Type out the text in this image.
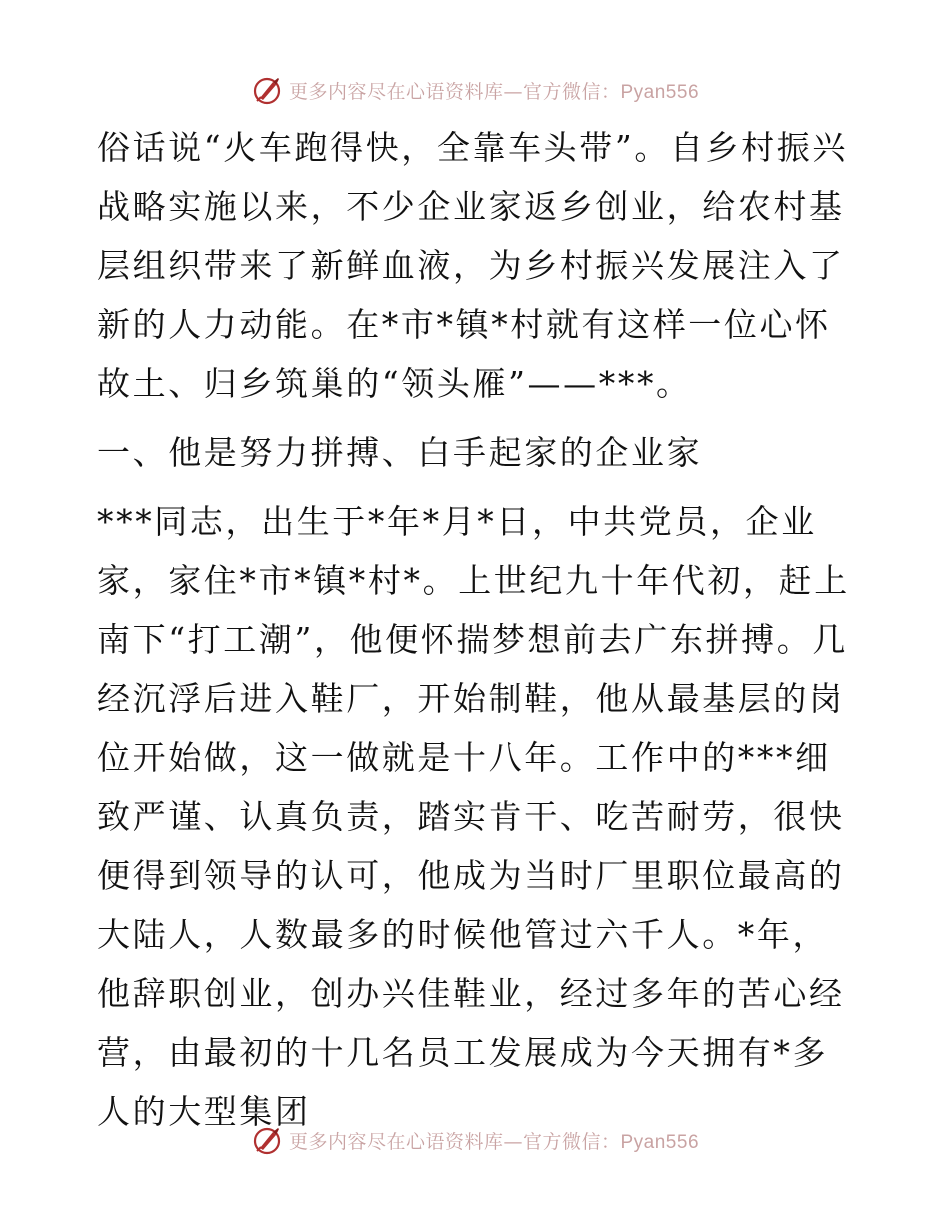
更多内容尽在心语资料库—官方微信：Pyan556

俗话说“火车跑得快，全靠车头带”。自乡村振兴战略实施以来，不少企业家返乡创业，给农村基层组织带来了新鲜血液，为乡村振兴发展注入了新的人力动能。在*市*镇*村就有这样一位心怀故土、归乡筑巢的“领头雁”——***。

一、他是努力拼搏、白手起家的企业家

***同志，出生于*年*月*日，中共党员，企业家，家住*市*镇*村*。上世纪九十年代初，赶上南下“打工潮”，他便怀揣梦想前去广东拼搏。几经沉浮后进入鞋厂，开始制鞋，他从最基层的岗位开始做，这一做就是十八年。工作中的***细致严谨、认真负责，踏实肯干、吃苦耐劳，很快便得到领导的认可，他成为当时厂里职位最高的大陆人，人数最多的时候他管过六千人。*年，他辞职创业，创办兴佳鞋业，经过多年的苦心经营，由最初的十几名员工发展成为今天拥有*多人的大型集团

更多内容尽在心语资料库—官方微信：Pyan556
